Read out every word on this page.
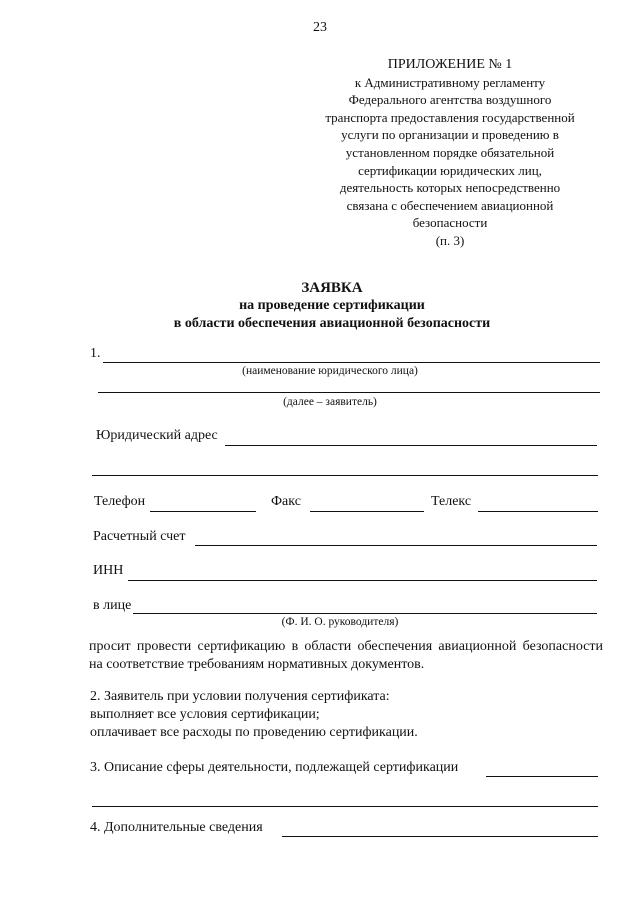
23
ПРИЛОЖЕНИЕ № 1
к Административному регламенту
Федерального агентства воздушного
транспорта предоставления государственной
услуги по организации и проведению в
установленном порядке обязательной
сертификации юридических лиц,
деятельность которых непосредственно
связана с обеспечением авиационной
безопасности
(п. 3)
ЗАЯВКА
на проведение сертификации
в области обеспечения авиационной безопасности
1.
(наименование юридического лица)
(далее – заявитель)
Юридический адрес
Телефон	Факс	Телекс
Расчетный счет
ИНН
в лице
(Ф. И. О. руководителя)
просит провести сертификацию в области обеспечения авиационной безопасности
на соответствие требованиям нормативных документов.
2. Заявитель при условии получения сертификата:
выполняет все условия сертификации;
оплачивает все расходы по проведению сертификации.
3. Описание сферы деятельности, подлежащей сертификации
4. Дополнительные сведения
